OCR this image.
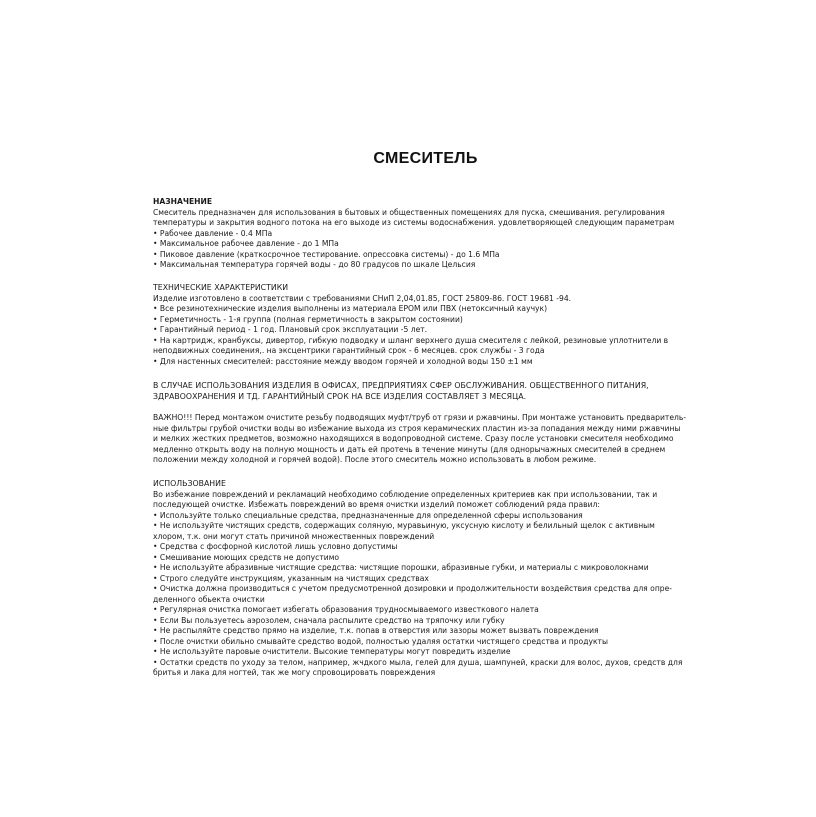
СМЕСИТЕЛЬ
НАЗНАЧЕНИЕ
Смеситель предназначен для использования в бытовых и общественных помещениях для пуска, смешивания. регулирования
температуры и закрытия водного потока на его выходе из системы водоснабжения. удовлетворяющей следующим параметрам
• Рабочее давление - 0.4 МПа
• Максимальное рабочее давление - до 1 МПа
• Пиковое давление (краткосрочное тестирование. опрессовка системы) - до 1.6 МПа
• Максимальная температура горячей воды - до 80 градусов по шкале Цельсия
ТЕХНИЧЕСКИЕ ХАРАКТЕРИСТИКИ
Изделие изготовлено в соответствии с требованиями СНиП 2,04,01.85, ГОСТ 25809-86. ГОСТ 19681 -94.
• Все резинотехнические изделия выполнены из материала EPOM или ПВХ (нетоксичный каучук)
• Герметичность - 1-я группа (полная герметичность в закрытом состоянии)
• Гарантийный период - 1 год. Плановый срок эксплуатации -5 лет.
• На картридж, кранбуксы, дивертор, гибкую подводку и шланг верхнего душа смесителя с лейкой, резиновые уплотнители в
неподвижных соединения,. на эксцентрики гарантийный срок - 6 месяцев. срок службы - 3 года
• Для настенных смесителей: расстояние между вводом горячей и холодной воды 150 ±1 мм
В СЛУЧАЕ ИСПОЛЬЗОВАНИЯ ИЗДЕЛИЯ В ОФИСАХ, ПРЕДПРИЯТИЯХ СФЕР ОБСЛУЖИВАНИЯ. ОБЩЕСТВЕННОГО ПИТАНИЯ,
ЗДРАВООХРАНЕНИЯ И ТД. ГАРАНТИЙНЫЙ СРОК НА ВСЕ ИЗДЕЛИЯ СОСТАВЛЯЕТ 3 МЕСЯЦА.
ВАЖНО!!! Перед монтажом очистите резьбу подводящих муфт/труб от грязи и ржавчины. При монтаже установить предваритель-
ные фильтры грубой очистки воды во избежание выхода из строя керамических пластин из-за попадания между ними ржавчины
и мелких жестких предметов, возможно находящихся в водопроводной системе. Сразу после установки смесителя необходимо
медленно открыть воду на полную мощность и дать ей протечь в течение минуты (для однорычажных смесителей в среднем
положении между холодной и горячей водой). После этого смеситель можно использовать в любом режиме.
ИСПОЛЬЗОВАНИЕ
Во избежание повреждений и рекламаций необходимо соблюдение определенных критериев как при использовании, так и
последующей очистке. Избежать повреждений во время очистки изделий поможет соблюдений ряда правил:
• Используйте только специальные средства, предназначенные для определенной сферы использования
• Не используйте чистящих средств, содержащих соляную, муравьиную, уксусную кислоту и белильный щелок с активным
хлором, т.к. они могут стать причиной множественных повреждений
• Средства с фосфорной кислотой лишь условно допустимы
• Смешивание моющих средств не допустимо
• Не используйте абразивные чистящие средства: чистящие порошки, абразивные губки, и материалы с микроволокнами
• Строго следуйте инструкциям, указанным на чистящих средствах
• Очистка должна производиться с учетом предусмотренной дозировки и продолжительности воздействия средства для опре-
деленного обьекта очистки
• Регулярная очистка помогает избегать образования трудносмываемого известкового налета
• Если Вы пользуетесь аэрозолем, сначала распылите средство на тряпочку или губку
• Не распыляйте средство прямо на изделие, т.к. попав в отверстия или зазоры может вызвать повреждения
• После очистки обильно смывайте средство водой, полностью удаляя остатки чистящего средства и продукты
• Не используйте паровые очистители. Высокие температуры могут повредить изделие
• Остатки средств по уходу за телом, например, жчдкого мыла, гелей для душа, шампуней, краски для волос, духов, средств для
бритья и лака для ногтей, так же могу спровоцировать повреждения
